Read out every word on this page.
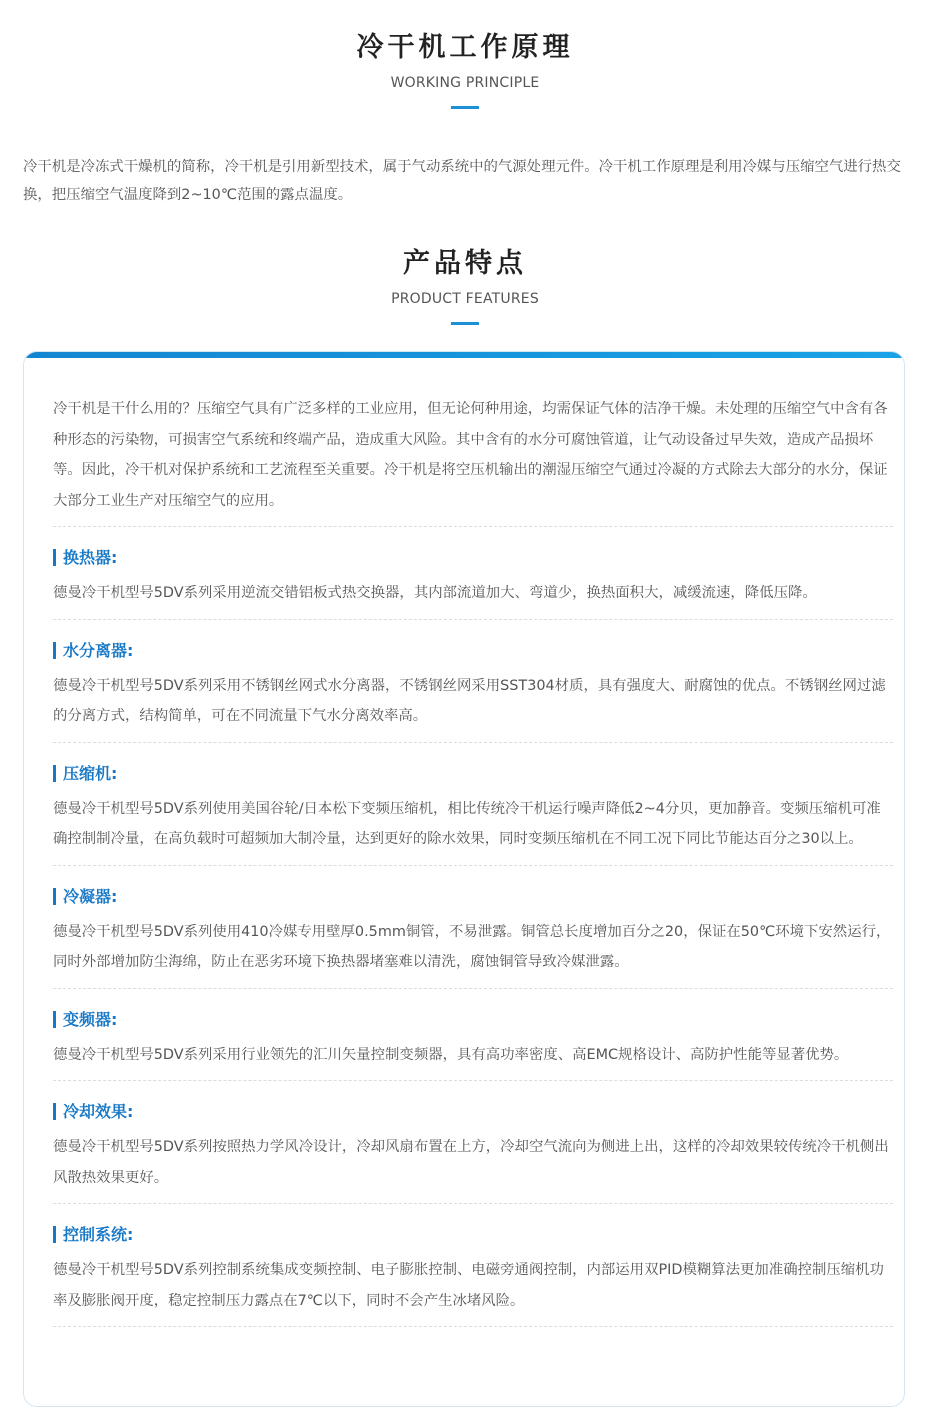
冷干机工作原理
WORKING PRINCIPLE

冷干机是冷冻式干燥机的简称，冷干机是引用新型技术，属于气动系统中的气源处理元件。冷干机工作原理是利用冷媒与压缩空气进行热交换，把压缩空气温度降到2~10℃范围的露点温度。

产品特点
PRODUCT FEATURES

冷干机是干什么用的？压缩空气具有广泛多样的工业应用，但无论何种用途，均需保证气体的洁净干燥。未处理的压缩空气中含有各种形态的污染物，可损害空气系统和终端产品，造成重大风险。其中含有的水分可腐蚀管道，让气动设备过早失效，造成产品损坏等。因此，冷干机对保护系统和工艺流程至关重要。冷干机是将空压机输出的潮湿压缩空气通过冷凝的方式除去大部分的水分，保证大部分工业生产对压缩空气的应用。

换热器:

德曼冷干机型号5DV系列采用逆流交错铝板式热交换器，其内部流道加大、弯道少，换热面积大，减缓流速，降低压降。

水分离器:

德曼冷干机型号5DV系列采用不锈钢丝网式水分离器，不锈钢丝网采用SST304材质，具有强度大、耐腐蚀的优点。不锈钢丝网过滤的分离方式，结构简单，可在不同流量下气水分离效率高。

压缩机:

德曼冷干机型号5DV系列使用美国谷轮/日本松下变频压缩机，相比传统冷干机运行噪声降低2~4分贝，更加静音。变频压缩机可准确控制制冷量，在高负载时可超频加大制冷量，达到更好的除水效果，同时变频压缩机在不同工况下同比节能达百分之30以上。

冷凝器:

德曼冷干机型号5DV系列使用410冷媒专用壁厚0.5mm铜管，不易泄露。铜管总长度增加百分之20，保证在50℃环境下安然运行，同时外部增加防尘海绵，防止在恶劣环境下换热器堵塞难以清洗，腐蚀铜管导致冷媒泄露。

变频器:

德曼冷干机型号5DV系列采用行业领先的汇川矢量控制变频器，具有高功率密度、高EMC规格设计、高防护性能等显著优势。

冷却效果:

德曼冷干机型号5DV系列按照热力学风冷设计，冷却风扇布置在上方，冷却空气流向为侧进上出，这样的冷却效果较传统冷干机侧出风散热效果更好。

控制系统:

德曼冷干机型号5DV系列控制系统集成变频控制、电子膨胀控制、电磁旁通阀控制，内部运用双PID模糊算法更加准确控制压缩机功率及膨胀阀开度，稳定控制压力露点在7℃以下，同时不会产生冰堵风险。
